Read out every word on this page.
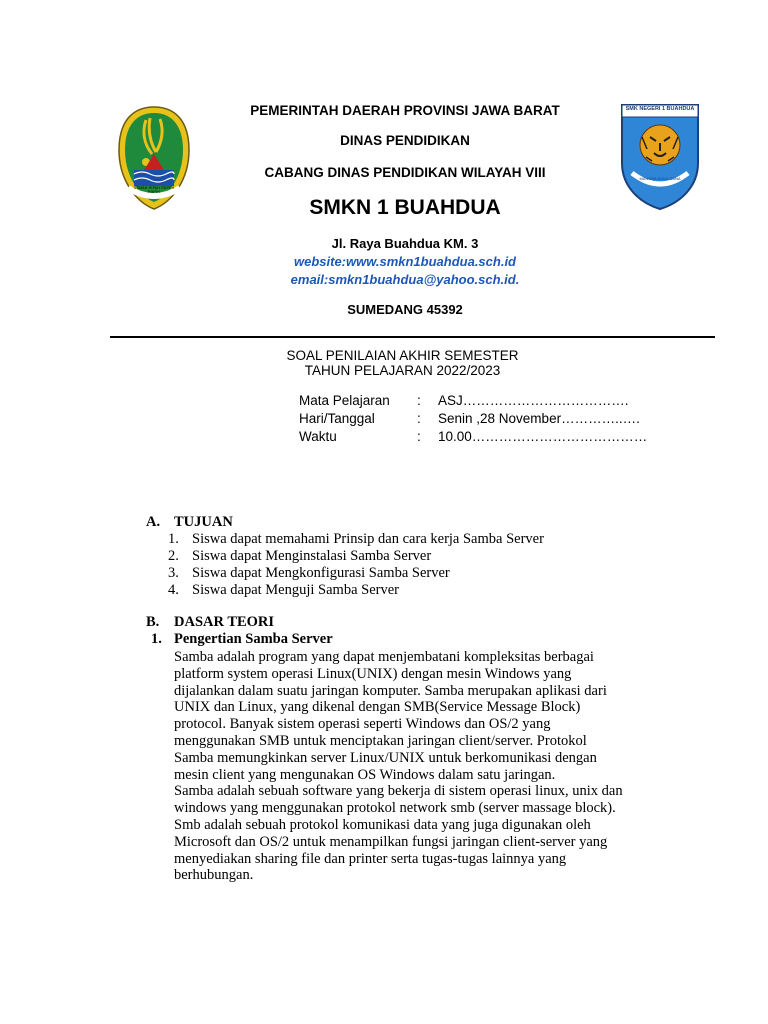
GEMAH RIPAH REPEH RAPIH
SMK NEGERI 1 BUAHDUA
MANGSA SOLA GANA
PEMERINTAH DAERAH PROVINSI JAWA BARAT
DINAS PENDIDIKAN
CABANG DINAS PENDIDIKAN WILAYAH VIII
SMKN 1 BUAHDUA
Jl. Raya Buahdua KM. 3
website:www.smkn1buahdua.sch.id
email:smkn1buahdua@yahoo.sch.id.
SUMEDANG 45392
SOAL PENILAIAN AKHIR SEMESTER
TAHUN PELAJARAN 2022/2023
Mata Pelajaran : ASJ……………………………….
Hari/Tanggal	: Senin ,28 November…………..….
Waktu	: 10.00…………………………………
A. TUJUAN
1. Siswa dapat memahami Prinsip dan cara kerja Samba Server
2. Siswa dapat Menginstalasi Samba Server
3. Siswa dapat Mengkonfigurasi Samba Server
4. Siswa dapat Menguji Samba Server
B. DASAR TEORI
1. Pengertian Samba Server
Samba adalah program yang dapat menjembatani kompleksitas berbagai
platform system operasi Linux(UNIX) dengan mesin Windows yang
dijalankan dalam suatu jaringan komputer. Samba merupakan aplikasi dari
UNIX dan Linux, yang dikenal dengan SMB(Service Message Block)
protocol. Banyak sistem operasi seperti Windows dan OS/2 yang
menggunakan SMB untuk menciptakan jaringan client/server. Protokol
Samba memungkinkan server Linux/UNIX untuk berkomunikasi dengan
mesin client yang mengunakan OS Windows dalam satu jaringan.
Samba adalah sebuah software yang bekerja di sistem operasi linux, unix dan
windows yang menggunakan protokol network smb (server massage block).
Smb adalah sebuah protokol komunikasi data yang juga digunakan oleh
Microsoft dan OS/2 untuk menampilkan fungsi jaringan client-server yang
menyediakan sharing file dan printer serta tugas-tugas lainnya yang
berhubungan.
